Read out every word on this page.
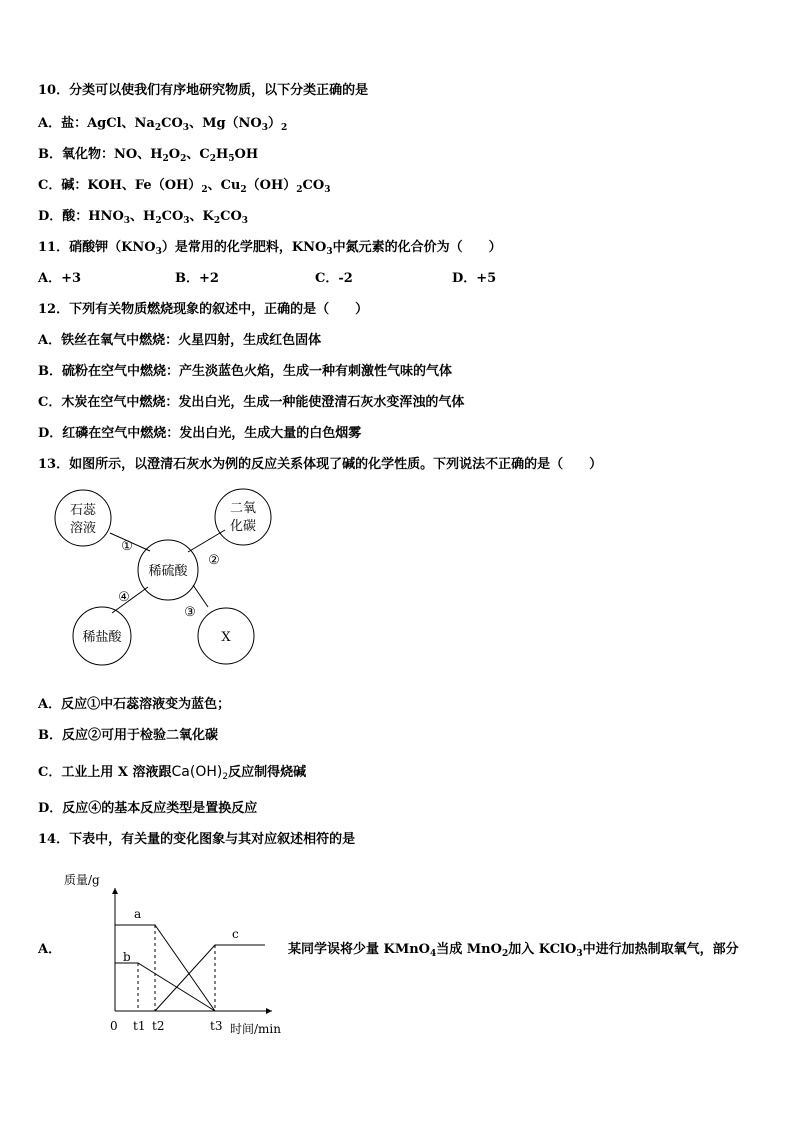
10．分类可以使我们有序地研究物质，以下分类正确的是
A．盐：AgCl、$Na_2CO_3$、$Mg(NO_3)_2$
B．氧化物：NO、$H_2O_2$、$C_2H_5OH$
C．碱：KOH、$Fe(OH)_2$、$Cu_2(OH)_2CO_3$
D．酸：$HNO_3$、$H_2CO_3$、$K_2CO_3$
11．硝酸钾$(KNO_3)$是常用的化学肥料，$KNO_3$中氮元素的化合价为（　　）
A．+3	B．+2	C．-2	D．+5
12．下列有关物质燃烧现象的叙述中，正确的是（　　）
A．铁丝在氧气中燃烧：火星四射，生成红色固体
B．硫粉在空气中燃烧：产生淡蓝色火焰，生成一种有刺激性气味的气体
C．木炭在空气中燃烧：发出白光，生成一种能使澄清石灰水变浑浊的气体
D．红磷在空气中燃烧：发出白光，生成大量的白色烟雾
13．如图所示，以澄清石灰水为例的反应关系体现了碱的化学性质。下列说法不正确的是（　　）
稀硫酸
石蕊
溶液
二氧
化碳
稀盐酸	X
①
②
④
③
A．反应①中石蕊溶液变为蓝色；
B．反应②可用于检验二氧化碳
C．工业上用 X 溶液跟$Ca(OH)_2$反应制得烧碱
D．反应④的基本反应类型是置换反应
14．下表中，有关量的变化图象与其对应叙述相符的是
A．
质量/g
a
b
c
0 t1 t2	t3 时间/min
某同学误将少量 KMnO$_4$当成 MnO$_2$加入 KClO$_3$中进行加热制取氧气，部分
